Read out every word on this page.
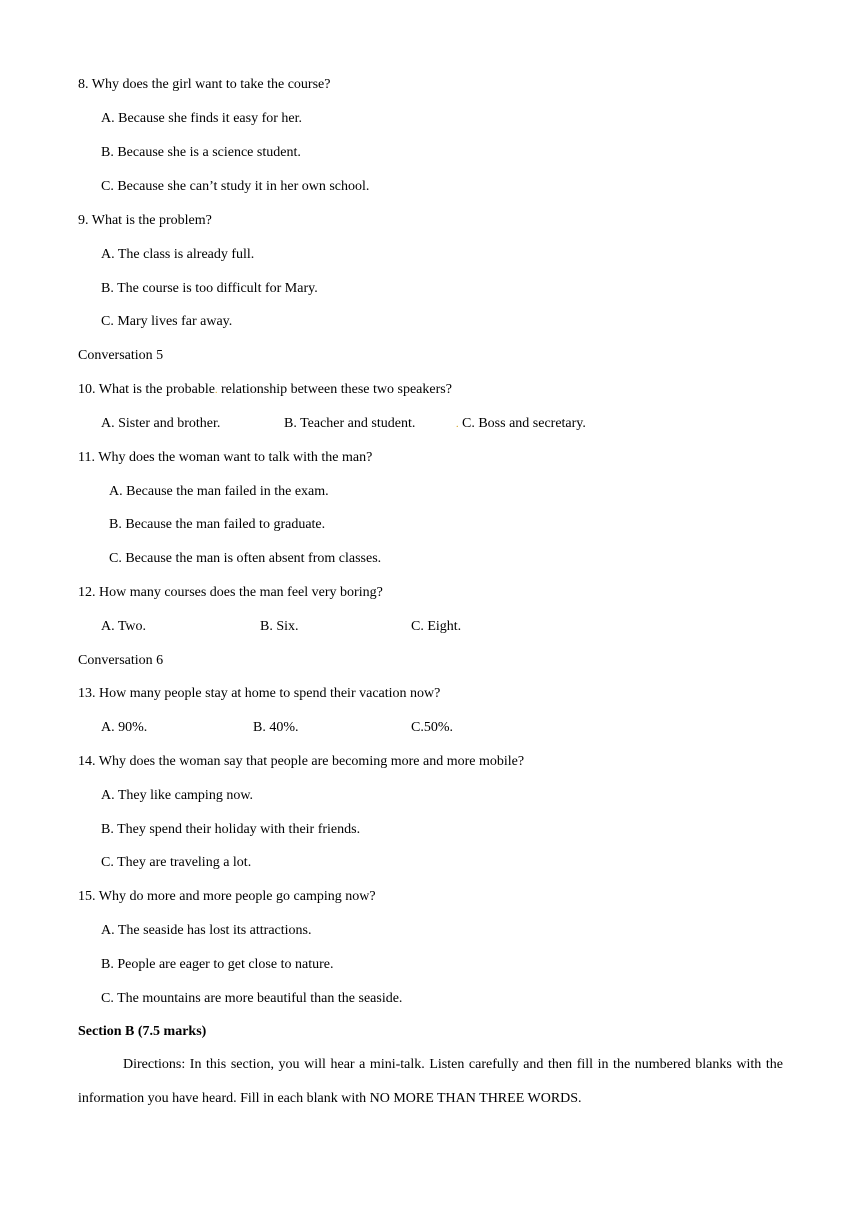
8. Why does the girl want to take the course?
A. Because she finds it easy for her.
B. Because she is a science student.
C. Because she can’t study it in her own school.
9. What is the problem?
A. The class is already full.
B. The course is too difficult for Mary.
C. Mary lives far away.
Conversation 5
10. What is the probable. relationship between these two speakers?
A. Sister and brother.	B. Teacher and student.	. C. Boss and secretary.
11. Why does the woman want to talk with the man?
A. Because the man failed in the exam.
B. Because the man failed to graduate.
C. Because the man is often absent from classes.
12. How many courses does the man feel very boring?
A. Two.	B. Six.	C. Eight.
Conversation 6
13. How many people stay at home to spend their vacation now?
A. 90%.	B. 40%.	C.50%.
14. Why does the woman say that people are becoming more and more mobile?
A. They like camping now.
B. They spend their holiday with their friends.
C. They are traveling a lot.
15. Why do more and more people go camping now?
A. The seaside has lost its attractions.
B. People are eager to get close to nature.
C. The mountains are more beautiful than the seaside.
Section B (7.5 marks)
Directions: In this section, you will hear a mini-talk. Listen carefully and then fill in the numbered blanks with the information you have heard. Fill in each blank with NO MORE THAN THREE WORDS.
